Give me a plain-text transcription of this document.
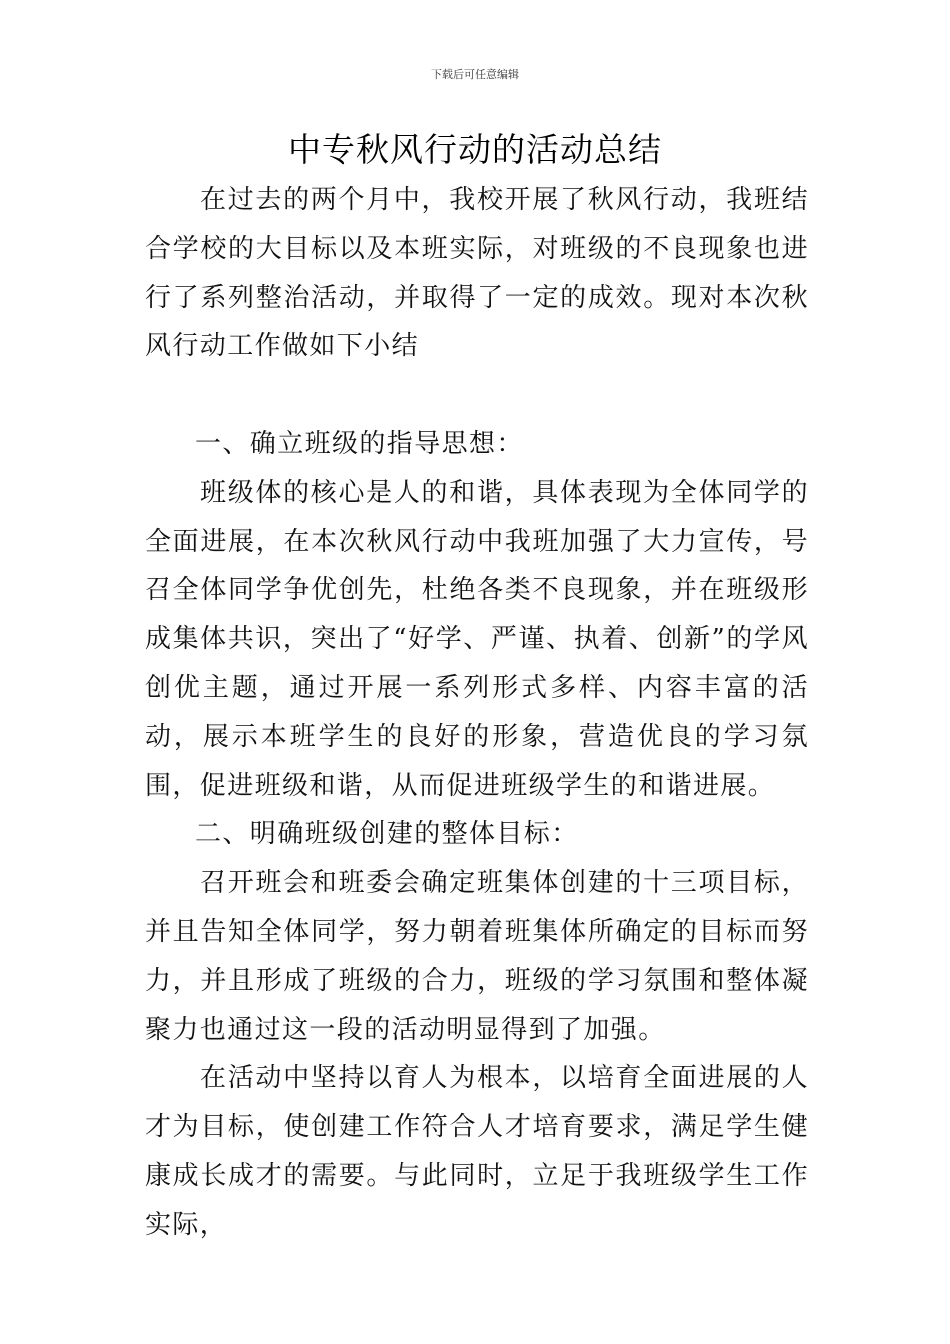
下载后可任意编辑
中专秋风行动的活动总结

在过去的两个月中，我校开展了秋风行动，我班结合学校的大目标以及本班实际，对班级的不良现象也进行了系列整治活动，并取得了一定的成效。现对本次秋风行动工作做如下小结

一、确立班级的指导思想：

班级体的核心是人的和谐，具体表现为全体同学的全面进展，在本次秋风行动中我班加强了大力宣传，号召全体同学争优创先，杜绝各类不良现象，并在班级形成集体共识，突出了“好学、严谨、执着、创新”的学风创优主题，通过开展一系列形式多样、内容丰富的活动，展示本班学生的良好的形象，营造优良的学习氛围，促进班级和谐，从而促进班级学生的和谐进展。

二、明确班级创建的整体目标：

召开班会和班委会确定班集体创建的十三项目标，并且告知全体同学，努力朝着班集体所确定的目标而努力，并且形成了班级的合力，班级的学习氛围和整体凝聚力也通过这一段的活动明显得到了加强。

在活动中坚持以育人为根本，以培育全面进展的人才为目标，使创建工作符合人才培育要求，满足学生健康成长成才的需要。与此同时，立足于我班级学生工作实际，
